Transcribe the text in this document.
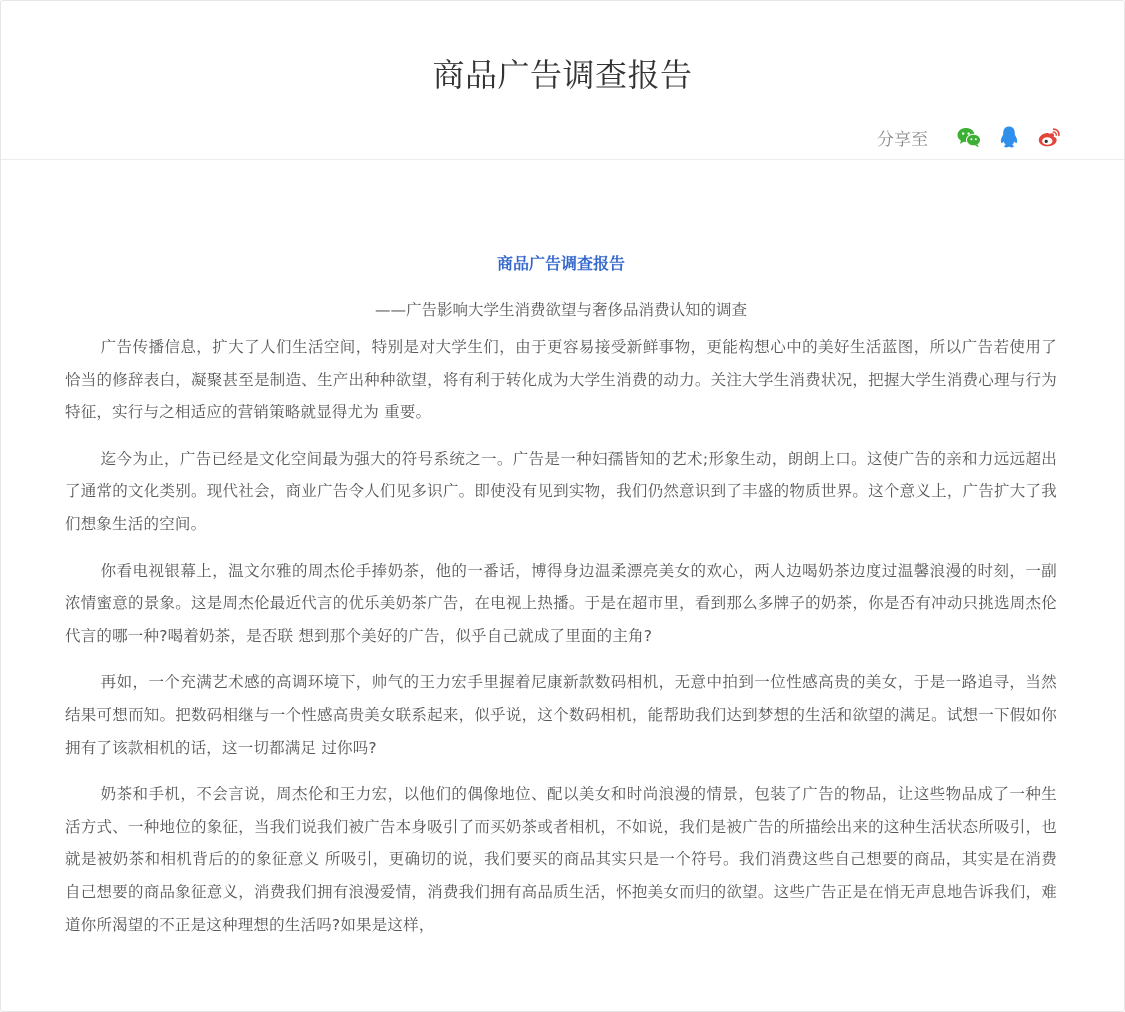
商品广告调查报告
分享至
商品广告调查报告
——广告影响大学生消费欲望与奢侈品消费认知的调查

广告传播信息，扩大了人们生活空间，特别是对大学生们，由于更容易接受新鲜事物，更能构想心中的美好生活蓝图，所以广告若使用了恰当的修辞表白，凝聚甚至是制造、生产出种种欲望，将有利于转化成为大学生消费的动力。关注大学生消费状况，把握大学生消费心理与行为特征，实行与之相适应的营销策略就显得尤为 重要。

迄今为止，广告已经是文化空间最为强大的符号系统之一。广告是一种妇孺皆知的艺术;形象生动，朗朗上口。这使广告的亲和力远远超出了通常的文化类别。现代社会，商业广告令人们见多识广。即使没有见到实物，我们仍然意识到了丰盛的物质世界。这个意义上，广告扩大了我们想象生活的空间。

你看电视银幕上，温文尔雅的周杰伦手捧奶茶，他的一番话，博得身边温柔漂亮美女的欢心，两人边喝奶茶边度过温馨浪漫的时刻，一副浓情蜜意的景象。这是周杰伦最近代言的优乐美奶茶广告，在电视上热播。于是在超市里，看到那么多牌子的奶茶，你是否有冲动只挑选周杰伦代言的哪一种?喝着奶茶，是否联 想到那个美好的广告，似乎自己就成了里面的主角?

再如，一个充满艺术感的高调环境下，帅气的王力宏手里握着尼康新款数码相机，无意中拍到一位性感高贵的美女，于是一路追寻，当然结果可想而知。把数码相继与一个性感高贵美女联系起来，似乎说，这个数码相机，能帮助我们达到梦想的生活和欲望的满足。试想一下假如你拥有了该款相机的话，这一切都满足 过你吗?

奶茶和手机，不会言说，周杰伦和王力宏，以他们的偶像地位、配以美女和时尚浪漫的情景，包装了广告的物品，让这些物品成了一种生活方式、一种地位的象征，当我们说我们被广告本身吸引了而买奶茶或者相机，不如说，我们是被广告的所描绘出来的这种生活状态所吸引，也就是被奶茶和相机背后的的象征意义 所吸引，更确切的说，我们要买的商品其实只是一个符号。我们消费这些自己想要的商品，其实是在消费自己想要的商品象征意义，消费我们拥有浪漫爱情，消费我们拥有高品质生活，怀抱美女而归的欲望。这些广告正是在悄无声息地告诉我们，难道你所渴望的不正是这种理想的生活吗?如果是这样，
